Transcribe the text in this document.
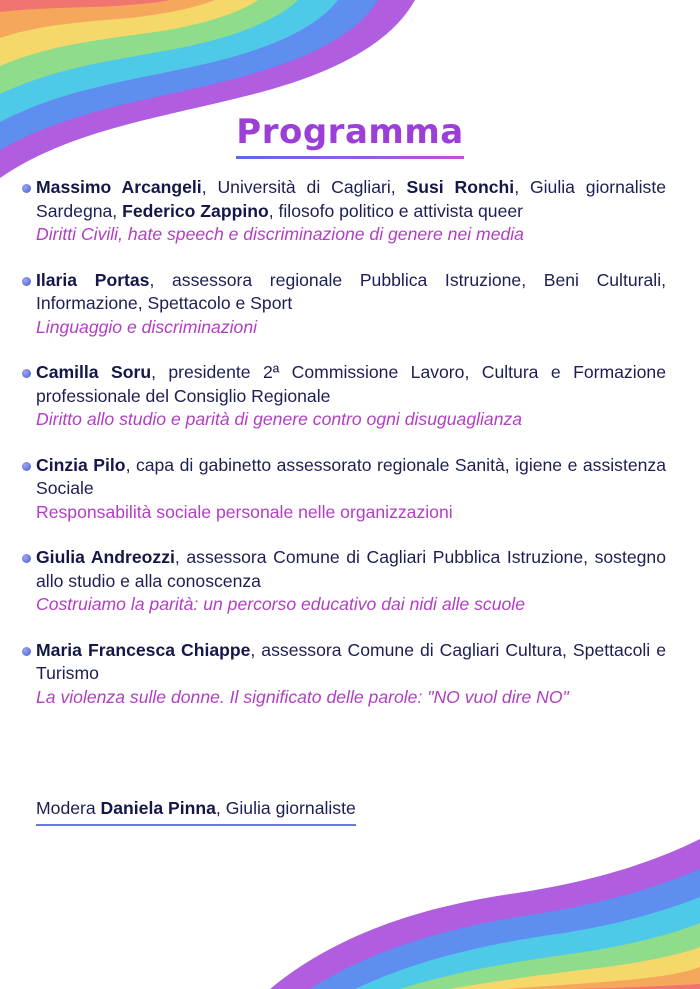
Programma
Massimo Arcangeli, Università di Cagliari, Susi Ronchi, Giulia giornaliste Sardegna, Federico Zappino, filosofo politico e attivista queer
Diritti Civili, hate speech e discriminazione di genere nei media
Ilaria Portas, assessora regionale Pubblica Istruzione, Beni Culturali, Informazione, Spettacolo e Sport
Linguaggio e discriminazioni
Camilla Soru, presidente 2ª Commissione Lavoro, Cultura e Formazione professionale del Consiglio Regionale
Diritto allo studio e parità di genere contro ogni disuguaglianza
Cinzia Pilo, capa di gabinetto assessorato regionale Sanità, igiene e assistenza Sociale
Responsabilità sociale personale nelle organizzazioni
Giulia Andreozzi, assessora Comune di Cagliari Pubblica Istruzione, sostegno allo studio e alla conoscenza
Costruiamo la parità: un percorso educativo dai nidi alle scuole
Maria Francesca Chiappe, assessora Comune di Cagliari Cultura, Spettacoli e Turismo
La violenza sulle donne. Il significato delle parole: "NO vuol dire NO"
Modera Daniela Pinna, Giulia giornaliste
